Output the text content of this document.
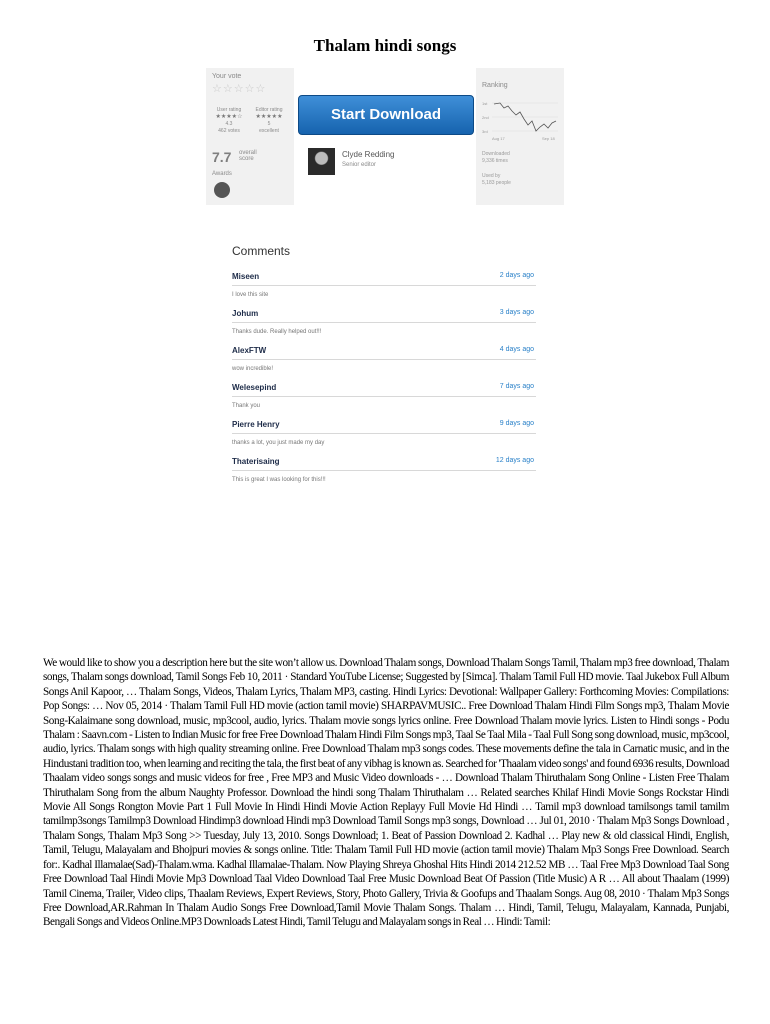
Thalam hindi songs
Your vote
☆☆☆☆☆
User rating
★★★★☆
4.3
462 votes
Editor rating
★★★★★
5
excellent
7.7 overall score
Awards
Start Download
Clyde Redding
Senior editor
Ranking
1st
2nd
3rd
Aug 17	Sep 18
Downloaded
9,336 times
Used by
5,183 people
Comments
Miseen	2 days ago
I love this site
Johum	3 days ago
Thanks dude. Really helped out!!!
AlexFTW	4 days ago
wow incredible!
Welesepind	7 days ago
Thank you
Pierre Henry	9 days ago
thanks a lot, you just made my day
Thaterisaing	12 days ago
This is great I was looking for this!!!
We would like to show you a description here but the site won’t allow us. Download Thalam songs, Download Thalam Songs Tamil, Thalam mp3 free download, Thalam songs, Thalam songs download, Tamil Songs Feb 10, 2011 · Standard YouTube License; Suggested by [Simca]. Thalam Tamil Full HD movie. Taal Jukebox Full Album Songs Anil Kapoor, … Thalam Songs, Videos, Thalam Lyrics, Thalam MP3, casting. Hindi Lyrics: Devotional: Wallpaper Gallery: Forthcoming Movies: Compilations: Pop Songs: … Nov 05, 2014 · Thalam Tamil Full HD movie (action tamil movie) SHARPAVMUSIC.. Free Download Thalam Hindi Film Songs mp3, Thalam Movie Song-Kalaimane song download, music, mp3cool, audio, lyrics. Thalam movie songs lyrics online. Free Download Thalam movie lyrics. Listen to Hindi songs - Podu Thalam : Saavn.com - Listen to Indian Music for free Free Download Thalam Hindi Film Songs mp3, Taal Se Taal Mila - Taal Full Song song download, music, mp3cool, audio, lyrics. Thalam songs with high quality streaming online. Free Download Thalam mp3 songs codes. These movements define the tala in Carnatic music, and in the Hindustani tradition too, when learning and reciting the tala, the first beat of any vibhag is known as. Searched for 'Thaalam video songs' and found 6936 results, Download Thaalam video songs songs and music videos for free , Free MP3 and Music Video downloads - … Download Thalam Thiruthalam Song Online - Listen Free Thalam Thiruthalam Song from the album Naughty Professor. Download the hindi song Thalam Thiruthalam … Related searches Khilaf Hindi Movie Songs Rockstar Hindi Movie All Songs Rongton Movie Part 1 Full Movie In Hindi Hindi Movie Action Replayy Full Movie Hd Hindi … Tamil mp3 download tamilsongs tamil tamilm tamilmp3songs Tamilmp3 Download Hindimp3 download Hindi mp3 Download Tamil Songs mp3 songs, Download … Jul 01, 2010 · Thalam Mp3 Songs Download , Thalam Songs, Thalam Mp3 Song >> Tuesday, July 13, 2010. Songs Download; 1. Beat of Passion Download 2. Kadhal … Play new & old classical Hindi, English, Tamil, Telugu, Malayalam and Bhojpuri movies & songs online. Title: Thalam Tamil Full HD movie (action tamil movie) Thalam Mp3 Songs Free Download. Search for:. Kadhal Illamalae(Sad)-Thalam.wma. Kadhal Illamalae-Thalam. Now Playing Shreya Ghoshal Hits Hindi 2014 212.52 MB … Taal Free Mp3 Download Taal Song Free Download Taal Hindi Movie Mp3 Download Taal Video Download Taal Free Music Download Beat Of Passion (Title Music) A R … All about Thaalam (1999) Tamil Cinema, Trailer, Video clips, Thaalam Reviews, Expert Reviews, Story, Photo Gallery, Trivia & Goofups and Thaalam Songs. Aug 08, 2010 · Thalam Mp3 Songs Free Download,AR.Rahman In Thalam Audio Songs Free Download,Tamil Movie Thalam Songs. Thalam … Hindi, Tamil, Telugu, Malayalam, Kannada, Punjabi, Bengali Songs and Videos Online.MP3 Downloads Latest Hindi, Tamil Telugu and Malayalam songs in Real … Hindi: Tamil:
